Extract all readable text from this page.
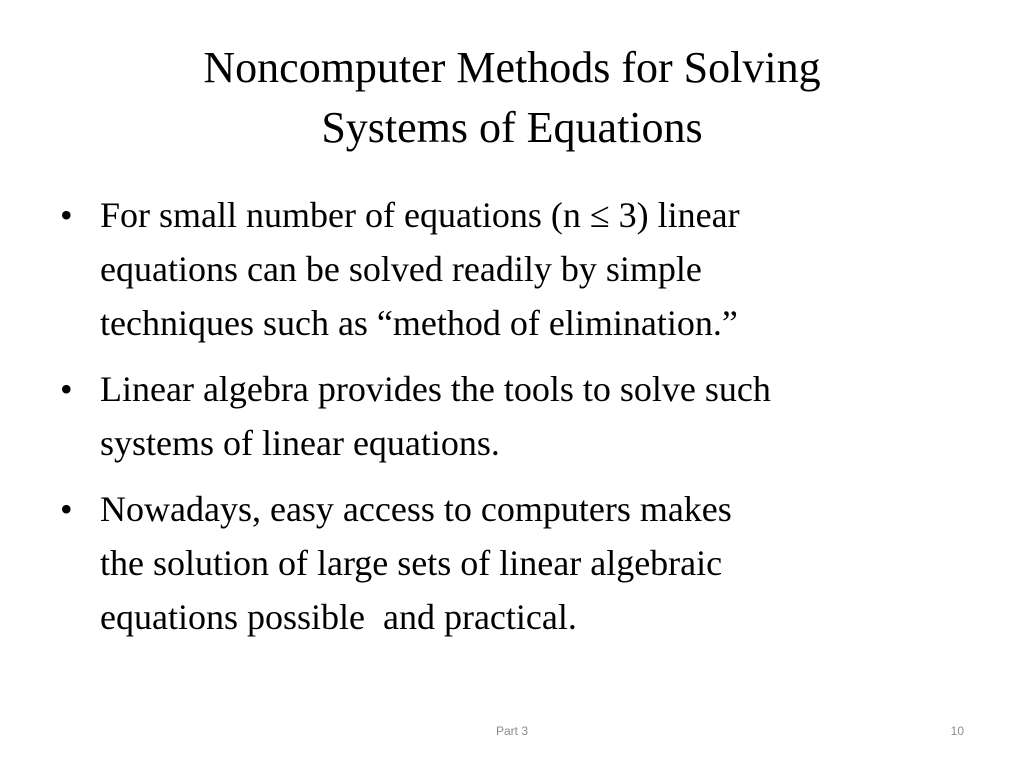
Noncomputer Methods for Solving
Systems of Equations
• For small number of equations (n ≤ 3) linear
equations can be solved readily by simple
techniques such as “method of elimination.”
• Linear algebra provides the tools to solve such
systems of linear equations.
• Nowadays, easy access to computers makes
the solution of large sets of linear algebraic
equations possible  and practical.
Part 3	10
